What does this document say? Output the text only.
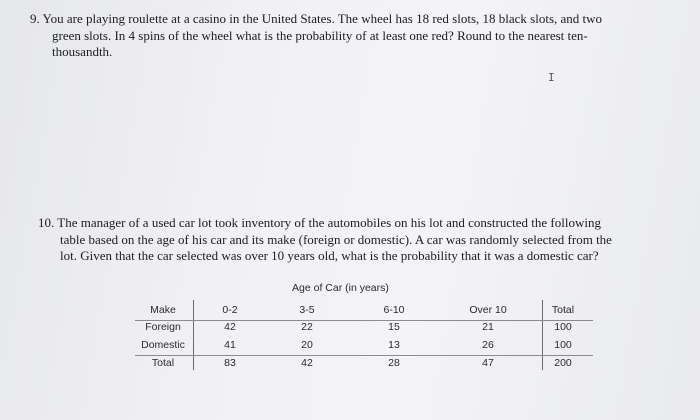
9. You are playing roulette at a casino in the United States. The wheel has 18 red slots, 18 black slots, and two
green slots. In 4 spins of the wheel what is the probability of at least one red? Round to the nearest ten-
thousandth.
I
10. The manager of a used car lot took inventory of the automobiles on his lot and constructed the following
table based on the age of his car and its make (foreign or domestic). A car was randomly selected from the
lot. Given that the car selected was over 10 years old, what is the probability that it was a domestic car?
Age of Car (in years)
Make	0-2	3-5	6-10	Over 10	Total
Foreign	42	22	15	21	100
Domestic	41	20	13	26	100
Total	83	42	28	47	200
